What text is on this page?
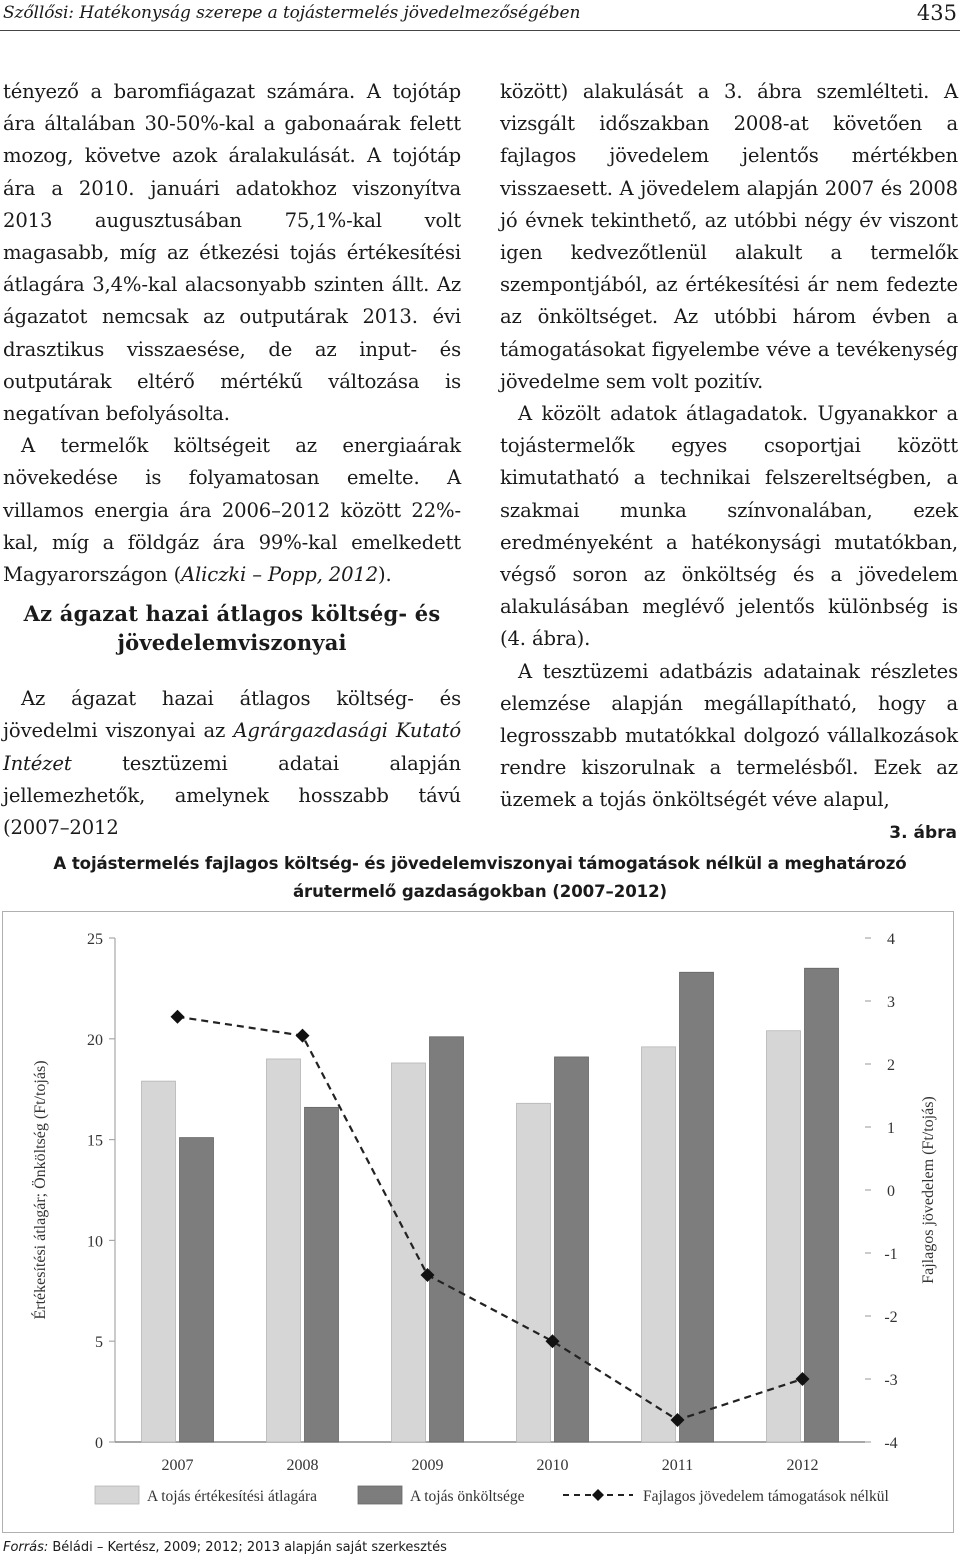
Szőllősi: Hatékonyság szerepe a tojástermelés jövedelmezőségében	435

tényező a baromfiágazat számára. A tojótáp ára általában 30-50%-kal a gabonaárak felett mozog, követve azok áralakulását. A tojótáp ára a 2010. januári adatokhoz viszonyítva 2013 augusztusában 75,1%-kal volt magasabb, míg az étkezési tojás értékesítési átlagára 3,4%-kal alacsonyabb szinten állt. Az ágazatot nemcsak az outputárak 2013. évi drasztikus visszaesése, de az input- és outputárak eltérő mértékű változása is negatívan befolyásolta.

A termelők költségeit az energiaárak növekedése is folyamatosan emelte. A villamos energia ára 2006–2012 között 22%-kal, míg a földgáz ára 99%-kal emelkedett Magyarországon (Aliczki – Popp, 2012).

Az ágazat hazai átlagos költség- és jövedelemviszonyai

Az ágazat hazai átlagos költség- és jövedelmi viszonyai az Agrárgazdasági Kutató Intézet tesztüzemi adatai alapján jellemezhetők, amelynek hosszabb távú (2007–2012

között) alakulását a 3. ábra szemlélteti. A vizsgált időszakban 2008-at követően a fajlagos jövedelem jelentős mértékben visszaesett. A jövedelem alapján 2007 és 2008 jó évnek tekinthető, az utóbbi négy év viszont igen kedvezőtlenül alakult a termelők szempontjából, az értékesítési ár nem fedezte az önköltséget. Az utóbbi három évben a támogatásokat figyelembe véve a tevékenység jövedelme sem volt pozitív.

A közölt adatok átlagadatok. Ugyanakkor a tojástermelők egyes csoportjai között kimutatható a technikai felszereltségben, a szakmai munka színvonalában, ezek eredményeként a hatékonysági mutatókban, végső soron az önköltség és a jövedelem alakulásában meglévő jelentős különbség is (4. ábra).

A tesztüzemi adatbázis adatainak részletes elemzése alapján megállapítható, hogy a legrosszabb mutatókkal dolgozó vállalkozások rendre kiszorulnak a termelésből. Ezek az üzemek a tojás önköltségét véve alapul,

3. ábra
A tojástermelés fajlagos költség- és jövedelemviszonyai támogatások nélkül a meghatározó árutermelő gazdaságokban (2007–2012)
0
5
10
15
20
25
-4
-3
-2
-1
0
1
2
3
4
Értékesítési átlagár; Önköltség (Ft/tojás)	Fajlagos jövedelem (Ft/tojás)
2007	2008	2009	2010	2011	2012
A tojás értékesítési átlagára	A tojás önköltsége	Fajlagos jövedelem támogatások nélkül
Forrás: Béládi – Kertész, 2009; 2012; 2013 alapján saját szerkesztés
